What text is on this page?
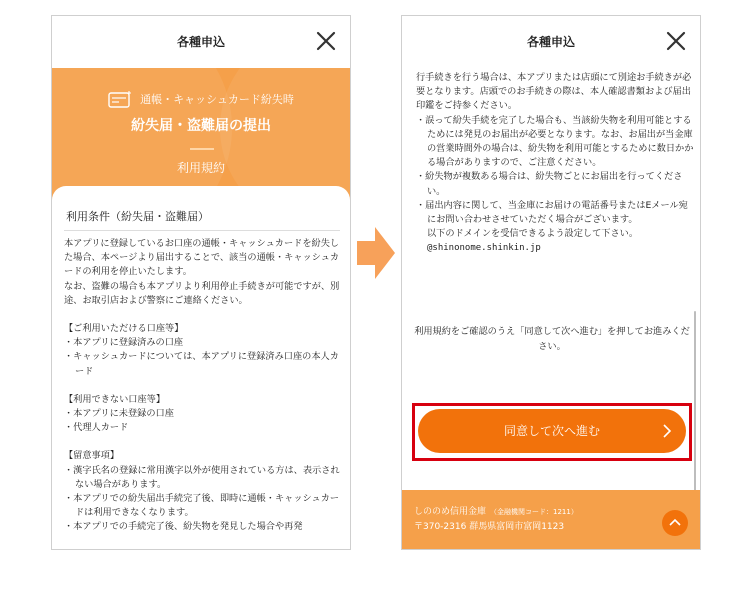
各種申込
通帳・キャッシュカード紛失時
紛失届・盗難届の提出
利用規約
利用条件（紛失届・盗難届）
本アプリに登録しているお口座の通帳・キャッシュカードを紛失した場合、本ページより届出することで、該当の通帳・キャッシュカードの利用を停止いたします。
なお、盗難の場合も本アプリより利用停止手続きが可能ですが、別途、お取引店および警察にご連絡ください。
【ご利用いただける口座等】
・本アプリに登録済みの口座
・キャッシュカードについては、本アプリに登録済み口座の本人カード
【利用できない口座等】
・本アプリに未登録の口座
・代理人カード
【留意事項】
・漢字氏名の登録に常用漢字以外が使用されている方は、表示されない場合があります。
・本アプリでの紛失届出手続完了後、即時に通帳・キャッシュカードは利用できなくなります。
・本アプリでの手続完了後、紛失物を発見した場合や再発
各種申込
行手続きを行う場合は、本アプリまたは店頭にて別途お手続きが必要となります。店頭でのお手続きの際は、本人確認書類および届出印鑑をご持参ください。
・誤って紛失手続を完了した場合も、当該紛失物を利用可能とするためには発見のお届出が必要となります。なお、お届出が当金庫の営業時間外の場合は、紛失物を利用可能とするために数日かかる場合がありますので、ご注意ください。
・紛失物が複数ある場合は、紛失物ごとにお届出を行ってください。
・届出内容に関して、当金庫にお届けの電話番号またはEメール宛にお問い合わせさせていただく場合がございます。
以下のドメインを受信できるよう設定して下さい。
@shinonome.shinkin.jp
利用規約をご確認のうえ「同意して次へ進む」を押してお進みください。
同意して次へ進む
しののめ信用金庫 （金融機関コード：1211）
〒370-2316 群馬県富岡市富岡1123
